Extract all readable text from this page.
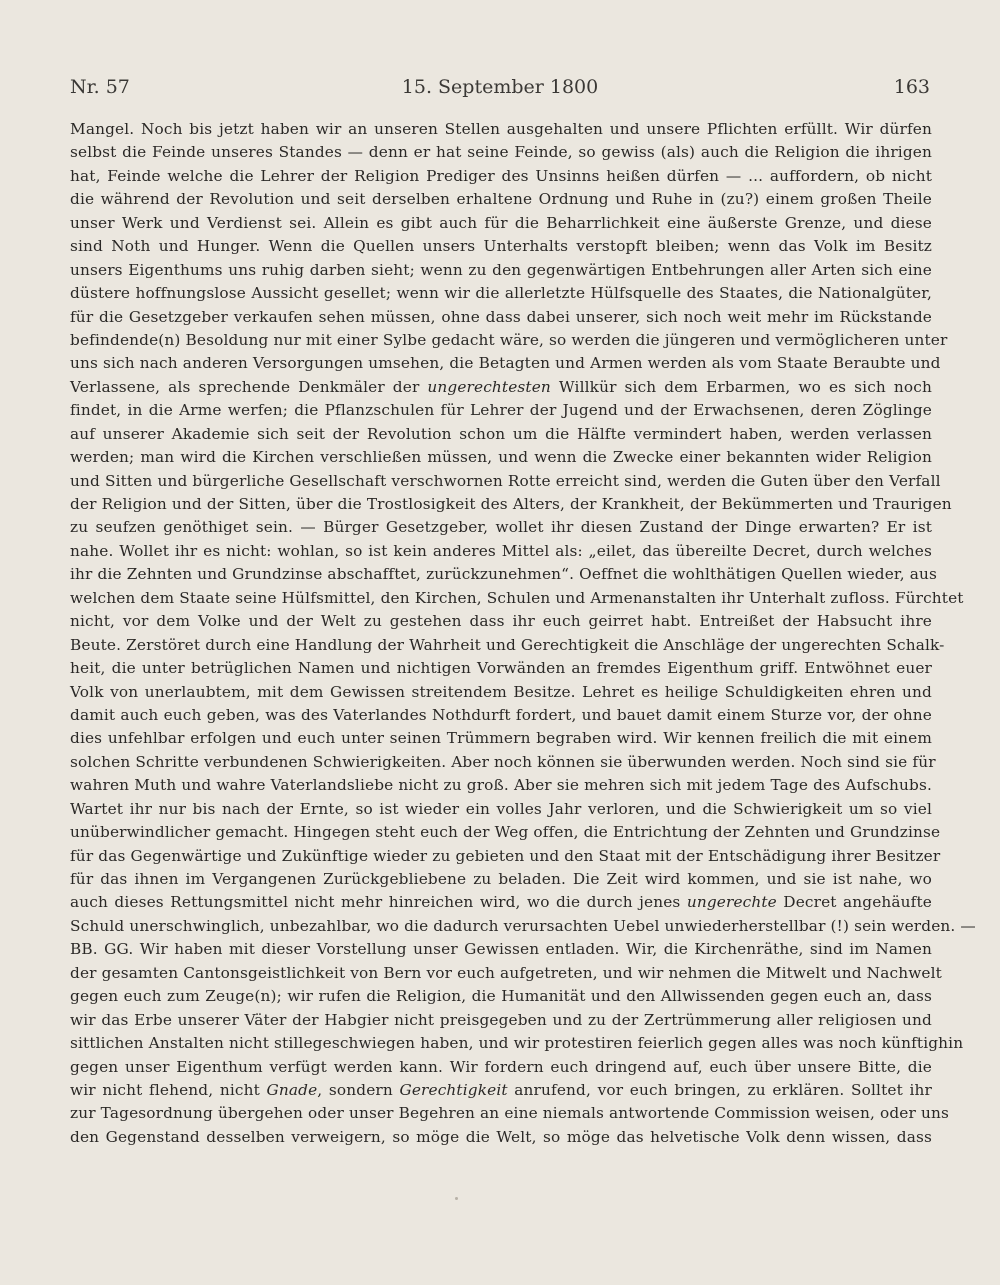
Nr. 57	15. September 1800	163
Mangel. Noch bis jetzt haben wir an unseren Stellen ausgehalten und unsere Pflichten erfüllt. Wir dürfen
selbst die Feinde unseres Standes — denn er hat seine Feinde, so gewiss (als) auch die Religion die ihrigen
hat, Feinde welche die Lehrer der Religion Prediger des Unsinns heißen dürfen — ... auffordern, ob nicht
die während der Revolution und seit derselben erhaltene Ordnung und Ruhe in (zu?) einem großen Theile
unser Werk und Verdienst sei. Allein es gibt auch für die Beharrlichkeit eine äußerste Grenze, und diese
sind Noth und Hunger. Wenn die Quellen unsers Unterhalts verstopft bleiben; wenn das Volk im Besitz
unsers Eigenthums uns ruhig darben sieht; wenn zu den gegenwärtigen Entbehrungen aller Arten sich eine
düstere hoffnungslose Aussicht gesellet; wenn wir die allerletzte Hülfsquelle des Staates, die Nationalgüter,
für die Gesetzgeber verkaufen sehen müssen, ohne dass dabei unserer, sich noch weit mehr im Rückstande
befindende(n) Besoldung nur mit einer Sylbe gedacht wäre, so werden die jüngeren und vermöglicheren unter
uns sich nach anderen Versorgungen umsehen, die Betagten und Armen werden als vom Staate Beraubte und
Verlassene, als sprechende Denkmäler der ungerechtesten Willkür sich dem Erbarmen, wo es sich noch
findet, in die Arme werfen; die Pflanzschulen für Lehrer der Jugend und der Erwachsenen, deren Zöglinge
auf unserer Akademie sich seit der Revolution schon um die Hälfte vermindert haben, werden verlassen
werden; man wird die Kirchen verschließen müssen, und wenn die Zwecke einer bekannten wider Religion
und Sitten und bürgerliche Gesellschaft verschwornen Rotte erreicht sind, werden die Guten über den Verfall
der Religion und der Sitten, über die Trostlosigkeit des Alters, der Krankheit, der Bekümmerten und Traurigen
zu seufzen genöthiget sein. — Bürger Gesetzgeber, wollet ihr diesen Zustand der Dinge erwarten? Er ist
nahe. Wollet ihr es nicht: wohlan, so ist kein anderes Mittel als: „eilet, das übereilte Decret, durch welches
ihr die Zehnten und Grundzinse abschafftet, zurückzunehmen“. Oeffnet die wohlthätigen Quellen wieder, aus
welchen dem Staate seine Hülfsmittel, den Kirchen, Schulen und Armenanstalten ihr Unterhalt zufloss. Fürchtet
nicht, vor dem Volke und der Welt zu gestehen dass ihr euch geirret habt. Entreißet der Habsucht ihre
Beute. Zerstöret durch eine Handlung der Wahrheit und Gerechtigkeit die Anschläge der ungerechten Schalk-
heit, die unter betrüglichen Namen und nichtigen Vorwänden an fremdes Eigenthum griff. Entwöhnet euer
Volk von unerlaubtem, mit dem Gewissen streitendem Besitze. Lehret es heilige Schuldigkeiten ehren und
damit auch euch geben, was des Vaterlandes Nothdurft fordert, und bauet damit einem Sturze vor, der ohne
dies unfehlbar erfolgen und euch unter seinen Trümmern begraben wird. Wir kennen freilich die mit einem
solchen Schritte verbundenen Schwierigkeiten. Aber noch können sie überwunden werden. Noch sind sie für
wahren Muth und wahre Vaterlandsliebe nicht zu groß. Aber sie mehren sich mit jedem Tage des Aufschubs.
Wartet ihr nur bis nach der Ernte, so ist wieder ein volles Jahr verloren, und die Schwierigkeit um so viel
unüberwindlicher gemacht. Hingegen steht euch der Weg offen, die Entrichtung der Zehnten und Grundzinse
für das Gegenwärtige und Zukünftige wieder zu gebieten und den Staat mit der Entschädigung ihrer Besitzer
für das ihnen im Vergangenen Zurückgebliebene zu beladen. Die Zeit wird kommen, und sie ist nahe, wo
auch dieses Rettungsmittel nicht mehr hinreichen wird, wo die durch jenes ungerechte Decret angehäufte
Schuld unerschwinglich, unbezahlbar, wo die dadurch verursachten Uebel unwiederherstellbar (!) sein werden. —
BB. GG. Wir haben mit dieser Vorstellung unser Gewissen entladen. Wir, die Kirchenräthe, sind im Namen
der gesamten Cantonsgeistlichkeit von Bern vor euch aufgetreten, und wir nehmen die Mitwelt und Nachwelt
gegen euch zum Zeuge(n); wir rufen die Religion, die Humanität und den Allwissenden gegen euch an, dass
wir das Erbe unserer Väter der Habgier nicht preisgegeben und zu der Zertrümmerung aller religiosen und
sittlichen Anstalten nicht stillegeschwiegen haben, und wir protestiren feierlich gegen alles was noch künftighin
gegen unser Eigenthum verfügt werden kann. Wir fordern euch dringend auf, euch über unsere Bitte, die
wir nicht flehend, nicht Gnade, sondern Gerechtigkeit anrufend, vor euch bringen, zu erklären. Solltet ihr
zur Tagesordnung übergehen oder unser Begehren an eine niemals antwortende Commission weisen, oder uns
den Gegenstand desselben verweigern, so möge die Welt, so möge das helvetische Volk denn wissen, dass
